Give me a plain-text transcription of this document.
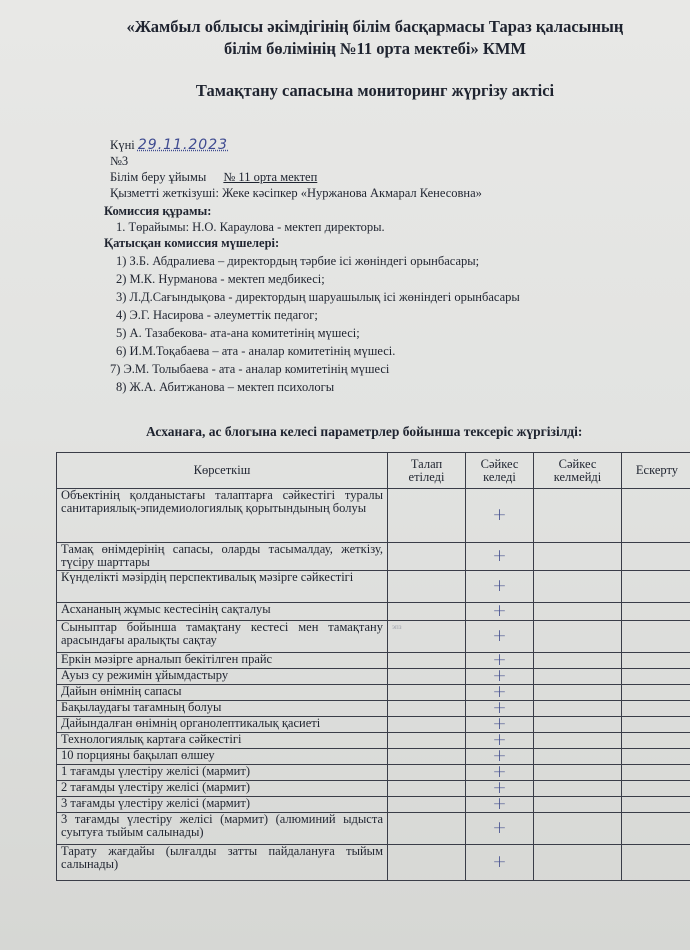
«Жамбыл облысы әкімдігінің білім басқармасы Тараз қаласының
білім бөлімінің №11 орта мектебі» КММ
Тамақтану сапасына мониторинг жүргізу актісі
Күні 29.11.2023
№3
Білім беру ұйымы № 11 орта мектеп
Қызметті жеткізуші: Жеке кәсіпкер «Нуржанова Акмарал Кенесовна»
Комиссия құрамы:
1. Төрайымы: Н.О. Караулова - мектеп директоры.
Қатысқан комиссия мүшелері:
1) З.Б. Абдралиева – директордың тәрбие ісі жөніндегі орынбасары;
2) М.К. Нурманова - мектеп медбикесі;
3) Л.Д.Сағындықова - директордың шаруашылық ісі жөніндегі орынбасары
4) Э.Г. Насирова - әлеуметтік педагог;
5) А. Тазабекова- ата-ана комитетінің мүшесі;
6) И.М.Тоқабаева – ата - аналар комитетінің мүшесі.
7) Э.М. Толыбаева - ата - аналар комитетінің мүшесі
8) Ж.А. Абитжанова – мектеп психологы
Асханаға, ас блогына келесі параметрлер бойынша тексеріс жүргізілді:
Көрсеткіш	Талап етіледі	Сәйкес келеді	Сәйкес келмейді	Ескерту
Объектінің қолданыстағы талаптарға сәйкестігі туралы санитариялық-эпидемиологиялық қорытындының болуы		+		
Тамақ өнімдерінің сапасы, оларды тасымалдау, жеткізу, түсіру шарттары		+		
Күнделікті мәзірдің перспективалық мәзірге сәйкестігі		+		
Асхананың жұмыс кестесінің сақталуы		+		
Сыныптар бойынша тамақтану кестесі мен тамақтану арасындағы аралықты сақтау	эпз	+		
Еркін мәзірге арналып бекітілген прайс		+		
Ауыз су режимін ұйымдастыру		+		
Дайын өнімнің сапасы		+		
Бақылаудағы тағамның болуы		+		
Дайындалған өнімнің органолептикалық қасиеті		+		
Технологиялық картаға сәйкестігі		+		
10 порцияны бақылап өлшеу		+		
1 тағамды үлестіру желісі (мармит)		+		
2 тағамды үлестіру желісі (мармит)		+		
3 тағамды үлестіру желісі (мармит)		+		
3 тағамды үлестіру желісі (мармит) (алюминий ыдыста суытуға тыйым салынады)		+		
Тарату жағдайы (ылғалды затты пайдалануға тыйым салынады)		+		
